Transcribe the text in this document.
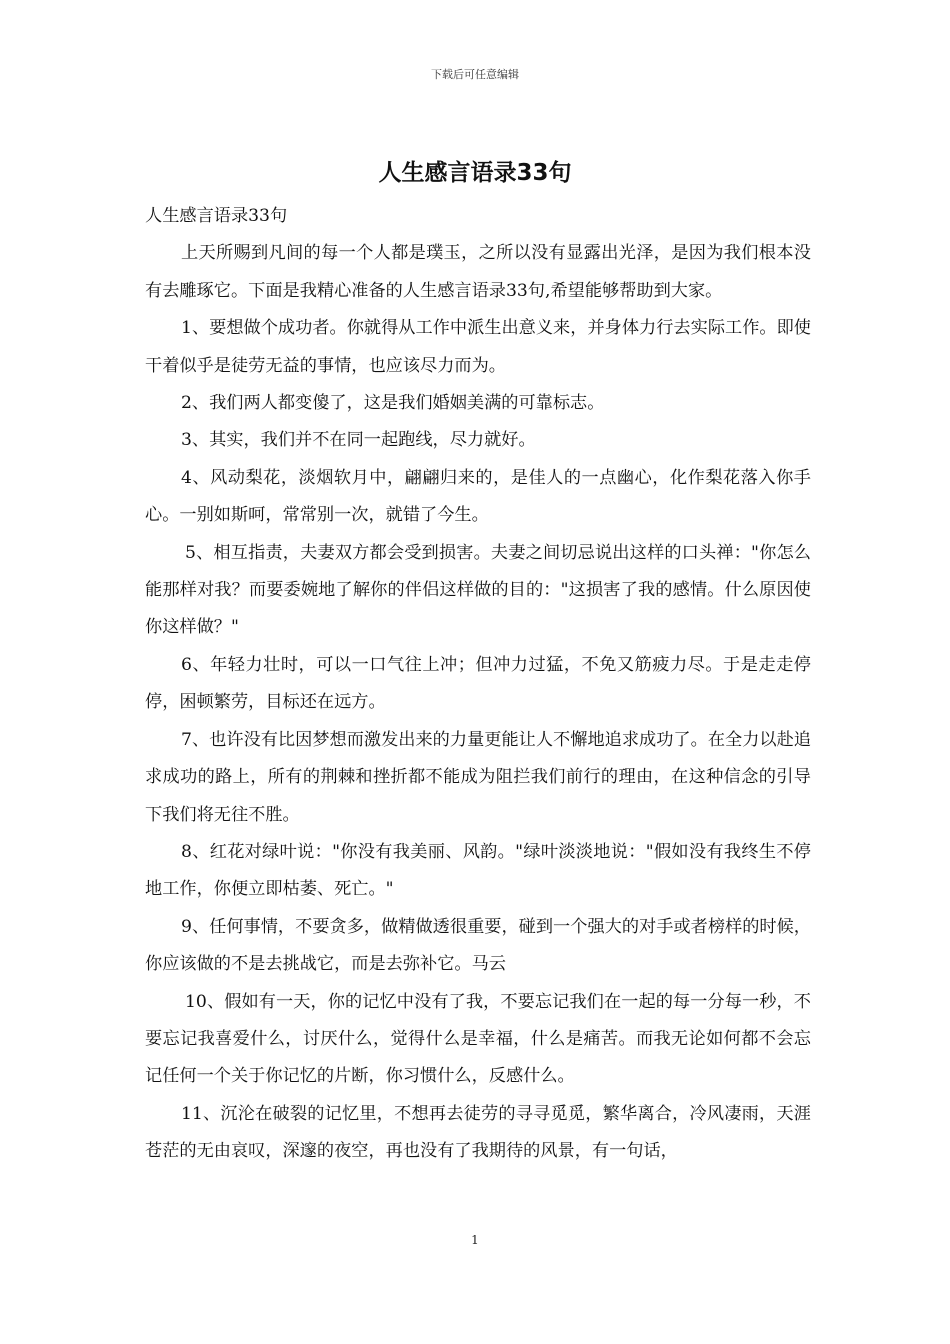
下载后可任意编辑
人生感言语录33句

人生感言语录33句

上天所赐到凡间的每一个人都是璞玉，之所以没有显露出光泽，是因为我们根本没有去雕琢它。下面是我精心准备的人生感言语录33句,希望能够帮助到大家。

1、要想做个成功者。你就得从工作中派生出意义来，并身体力行去实际工作。即使干着似乎是徒劳无益的事情，也应该尽力而为。

2、我们两人都变傻了，这是我们婚姻美满的可靠标志。

3、其实，我们并不在同一起跑线，尽力就好。

4、风动梨花，淡烟软月中，翩翩归来的，是佳人的一点幽心，化作梨花落入你手心。一别如斯呵，常常别一次，就错了今生。

5、相互指责，夫妻双方都会受到损害。夫妻之间切忌说出这样的口头禅："你怎么能那样对我？而要委婉地了解你的伴侣这样做的目的："这损害了我的感情。什么原因使你这样做？"

6、年轻力壮时，可以一口气往上冲；但冲力过猛，不免又筋疲力尽。于是走走停停，困顿繁劳，目标还在远方。

7、也许没有比因梦想而激发出来的力量更能让人不懈地追求成功了。在全力以赴追求成功的路上，所有的荆棘和挫折都不能成为阻拦我们前行的理由，在这种信念的引导下我们将无往不胜。

8、红花对绿叶说："你没有我美丽、风韵。"绿叶淡淡地说："假如没有我终生不停地工作，你便立即枯萎、死亡。"

9、任何事情，不要贪多，做精做透很重要，碰到一个强大的对手或者榜样的时候，你应该做的不是去挑战它，而是去弥补它。马云

10、假如有一天，你的记忆中没有了我，不要忘记我们在一起的每一分每一秒，不要忘记我喜爱什么，讨厌什么，觉得什么是幸福，什么是痛苦。而我无论如何都不会忘记任何一个关于你记忆的片断，你习惯什么，反感什么。

11、沉沦在破裂的记忆里，不想再去徒劳的寻寻觅觅，繁华离合，冷风凄雨，天涯苍茫的无由哀叹，深邃的夜空，再也没有了我期待的风景，有一句话，

1
